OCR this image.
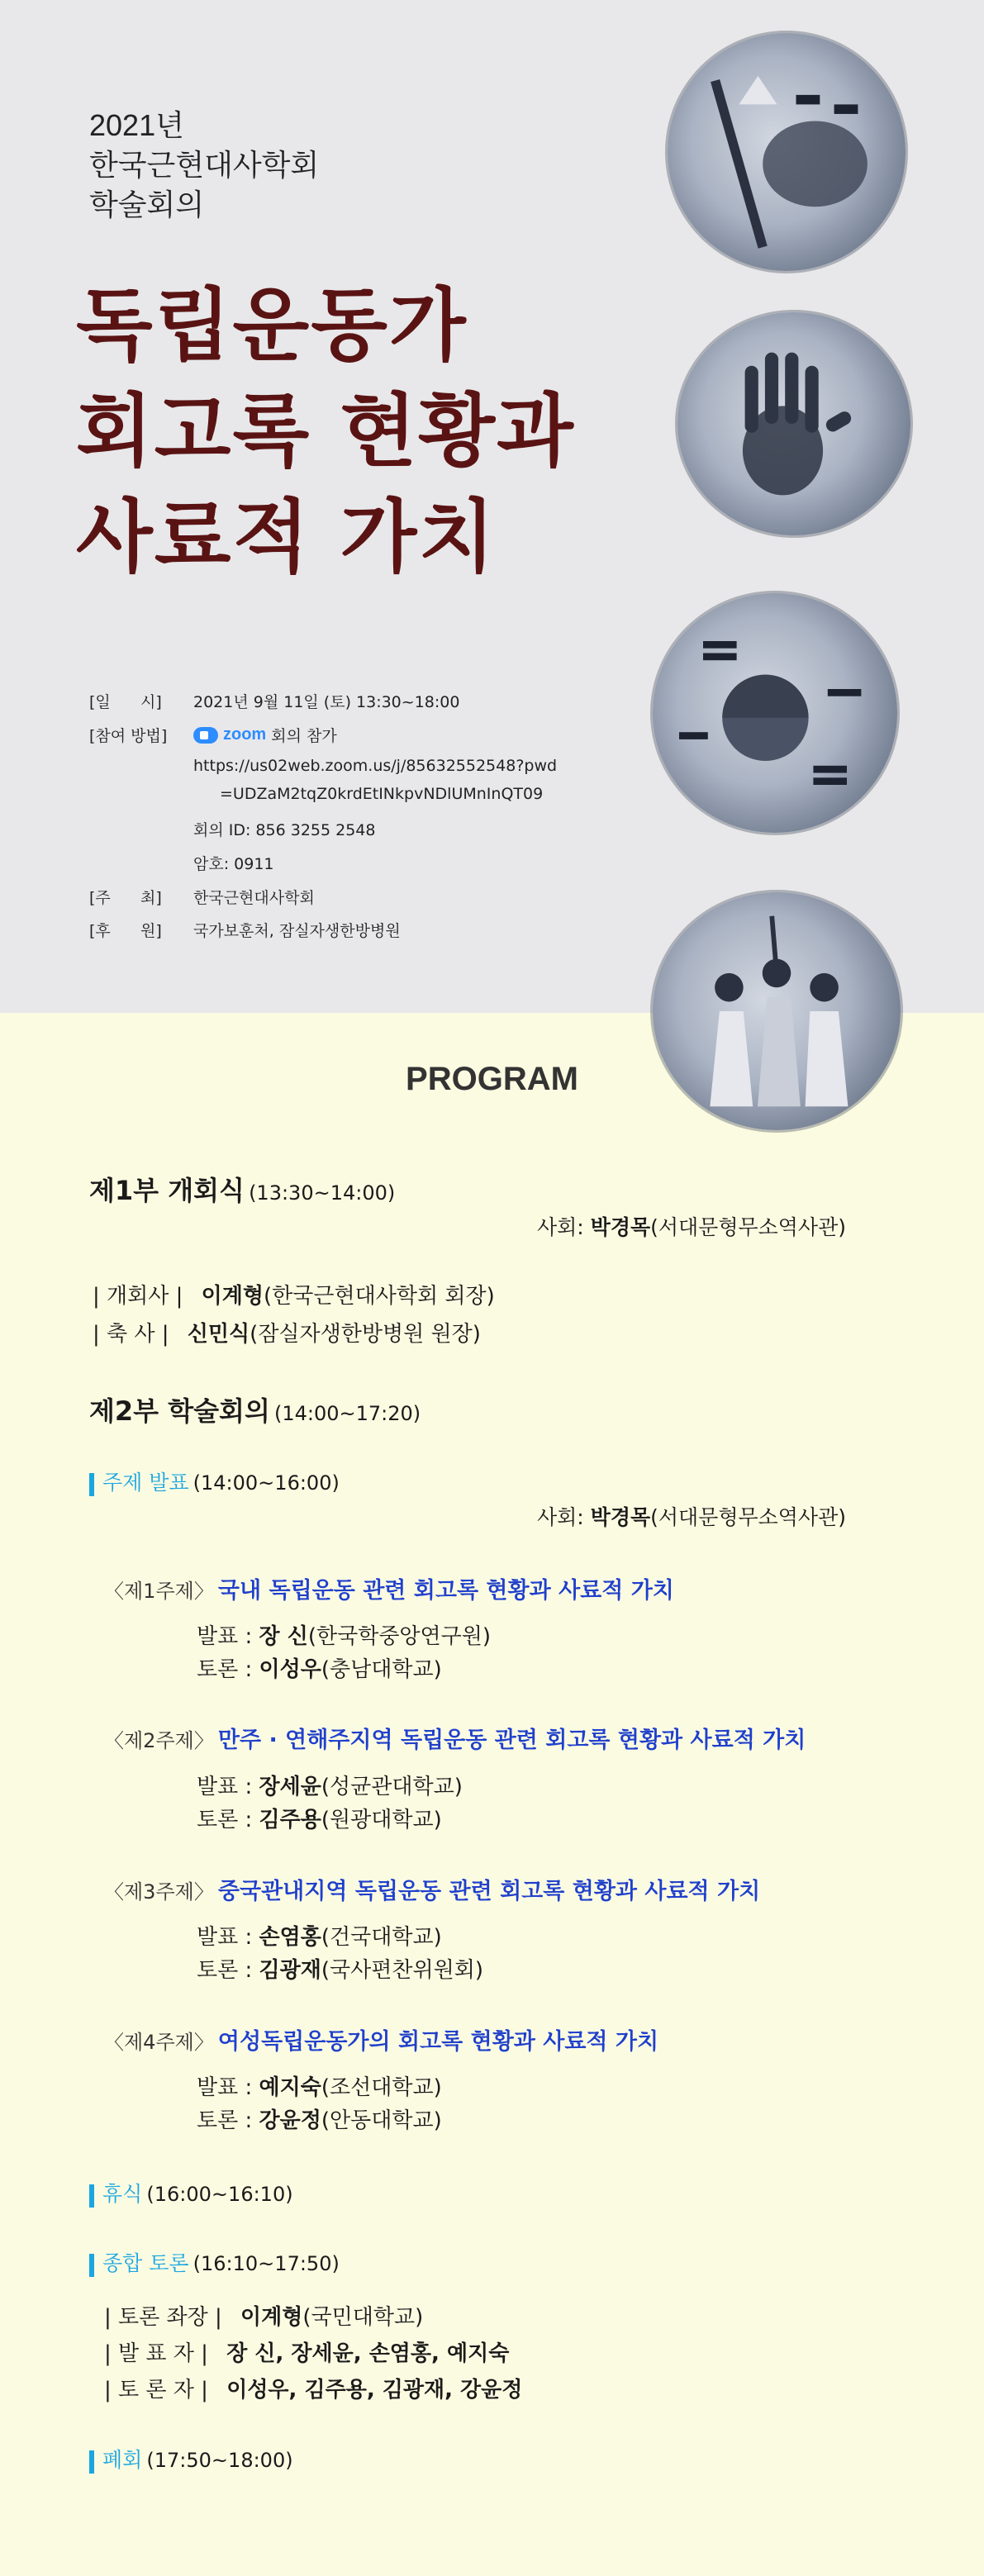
2021년
한국근현대사학회
학술회의
독립운동가
회고록 현황과
사료적 가치
[일      시] 2021년 9월 11일 (토) 13:30~18:00
[참여 방법]	zoom 회의 참가
https://us02web.zoom.us/j/85632552548?pwd
=UDZaM2tqZ0krdEtINkpvNDlUMnInQT09
회의 ID: 856 3255 2548
암호: 0911
[주      최] 한국근현대사학회
[후      원] 국가보훈처, 잠실자생한방병원
PROGRAM
제1부 개회식 (13:30~14:00)
사회: 박경목(서대문형무소역사관)
| 개회사 | 이계형(한국근현대사학회 회장)
| 축 사 | 신민식(잠실자생한방병원 원장)
제2부 학술회의 (14:00~17:20)
주제 발표 (14:00~16:00)
사회: 박경목(서대문형무소역사관)
〈제1주제〉 국내 독립운동 관련 회고록 현황과 사료적 가치
발표 : 장 신(한국학중앙연구원)
토론 : 이성우(충남대학교)
〈제2주제〉 만주 · 연해주지역 독립운동 관련 회고록 현황과 사료적 가치
발표 : 장세윤(성균관대학교)
토론 : 김주용(원광대학교)
〈제3주제〉 중국관내지역 독립운동 관련 회고록 현황과 사료적 가치
발표 : 손염홍(건국대학교)
토론 : 김광재(국사편찬위원회)
〈제4주제〉 여성독립운동가의 회고록 현황과 사료적 가치
발표 : 예지숙(조선대학교)
토론 : 강윤정(안동대학교)
휴식 (16:00~16:10)
종합 토론 (16:10~17:50)
| 토론 좌장 | 이계형(국민대학교)
| 발 표 자 | 장 신, 장세윤, 손염홍, 예지숙
| 토 론 자 | 이성우, 김주용, 김광재, 강윤정
폐회 (17:50~18:00)
